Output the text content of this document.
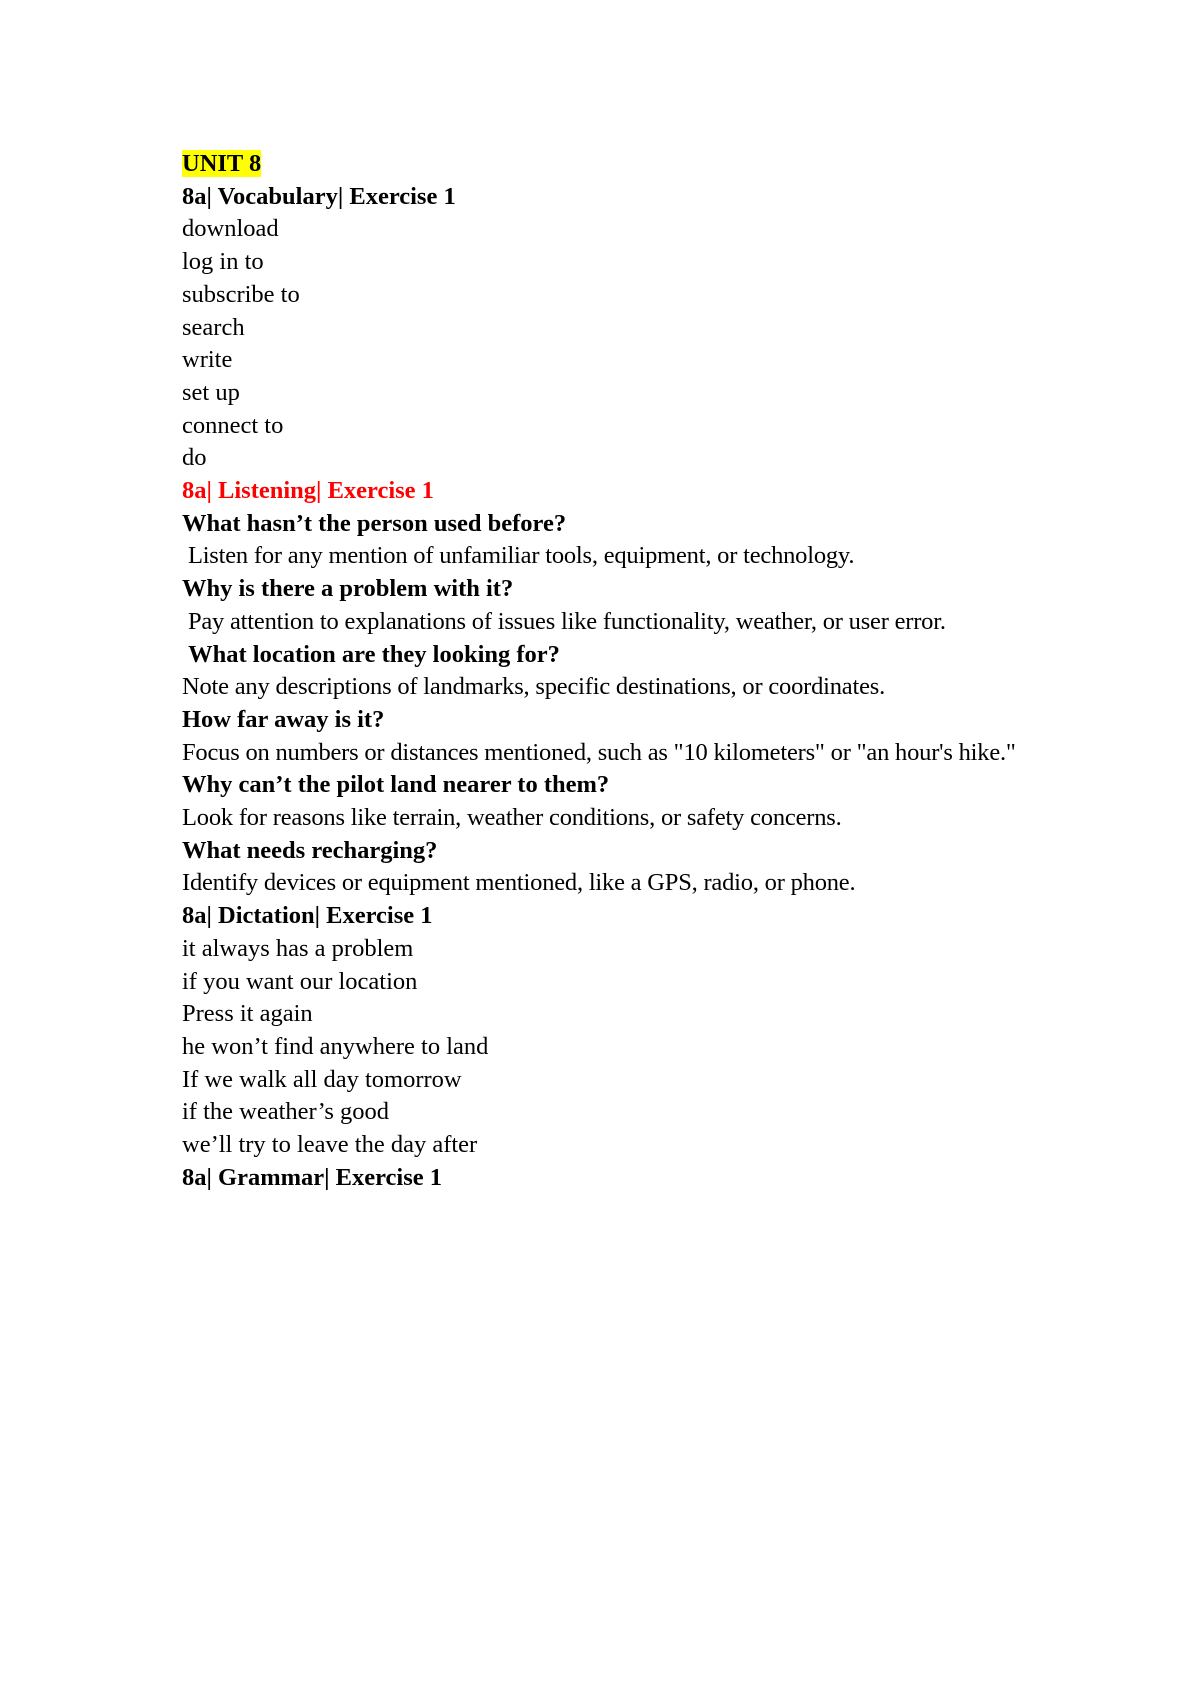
UNIT 8
8a| Vocabulary| Exercise 1
download
log in to
subscribe to
search
write
set up
connect to
do
8a| Listening| Exercise 1
What hasn’t the person used before?
Listen for any mention of unfamiliar tools, equipment, or technology.
Why is there a problem with it?
Pay attention to explanations of issues like functionality, weather, or user error.
What location are they looking for?
Note any descriptions of landmarks, specific destinations, or coordinates.
How far away is it?
Focus on numbers or distances mentioned, such as "10 kilometers" or "an hour's hike."
Why can’t the pilot land nearer to them?
Look for reasons like terrain, weather conditions, or safety concerns.
What needs recharging?
Identify devices or equipment mentioned, like a GPS, radio, or phone.
8a| Dictation| Exercise 1
it always has a problem
if you want our location
Press it again
he won’t find anywhere to land
If we walk all day tomorrow
if the weather’s good
we’ll try to leave the day after
8a| Grammar| Exercise 1
